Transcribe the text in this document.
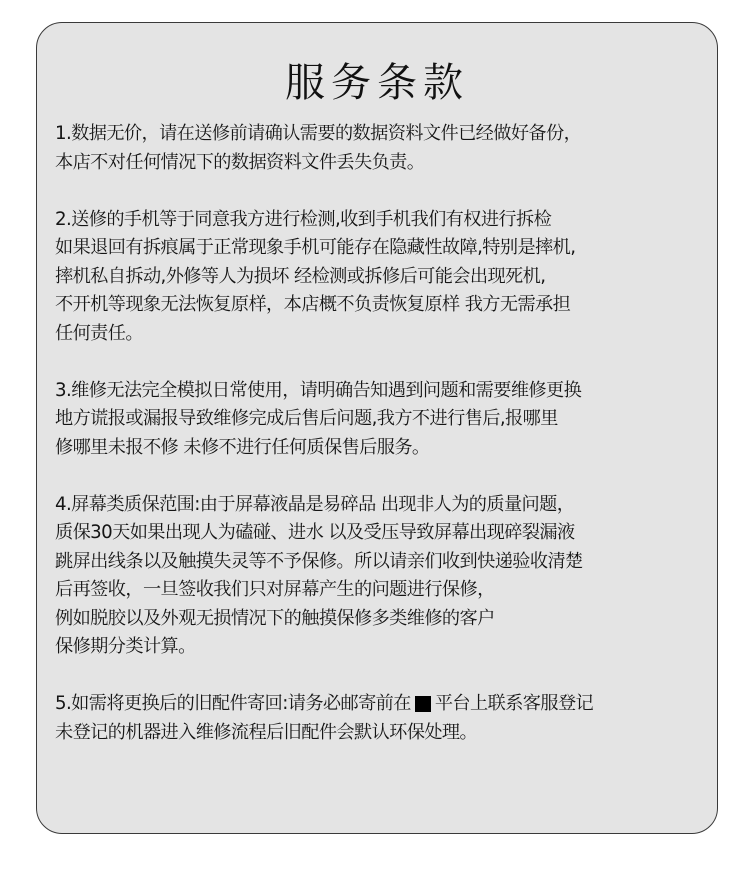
服务条款
1.数据无价，请在送修前请确认需要的数据资料文件已经做好备份，
本店不对任何情况下的数据资料文件丢失负责。
2.送修的手机等于同意我方进行检测,收到手机我们有权进行拆检
如果退回有拆痕属于正常现象手机可能存在隐藏性故障,特别是摔机,
摔机私自拆动,外修等人为损坏 经检测或拆修后可能会出现死机,
不开机等现象无法恢复原样，本店概不负责恢复原样 我方无需承担
任何责任。
3.维修无法完全模拟日常使用，请明确告知遇到问题和需要维修更换
地方谎报或漏报导致维修完成后售后问题,我方不进行售后,报哪里
修哪里未报不修 未修不进行任何质保售后服务。
4.屏幕类质保范围:由于屏幕液晶是易碎品 出现非人为的质量问题，
质保30天如果出现人为磕碰、进水 以及受压导致屏幕出现碎裂漏液
跳屏出线条以及触摸失灵等不予保修。所以请亲们收到快递验收清楚
后再签收，一旦签收我们只对屏幕产生的问题进行保修，
例如脱胶以及外观无损情况下的触摸保修多类维修的客户
保修期分类计算。
5.如需将更换后的旧配件寄回:请务必邮寄前在 平台上联系客服登记
未登记的机器进入维修流程后旧配件会默认环保处理。
